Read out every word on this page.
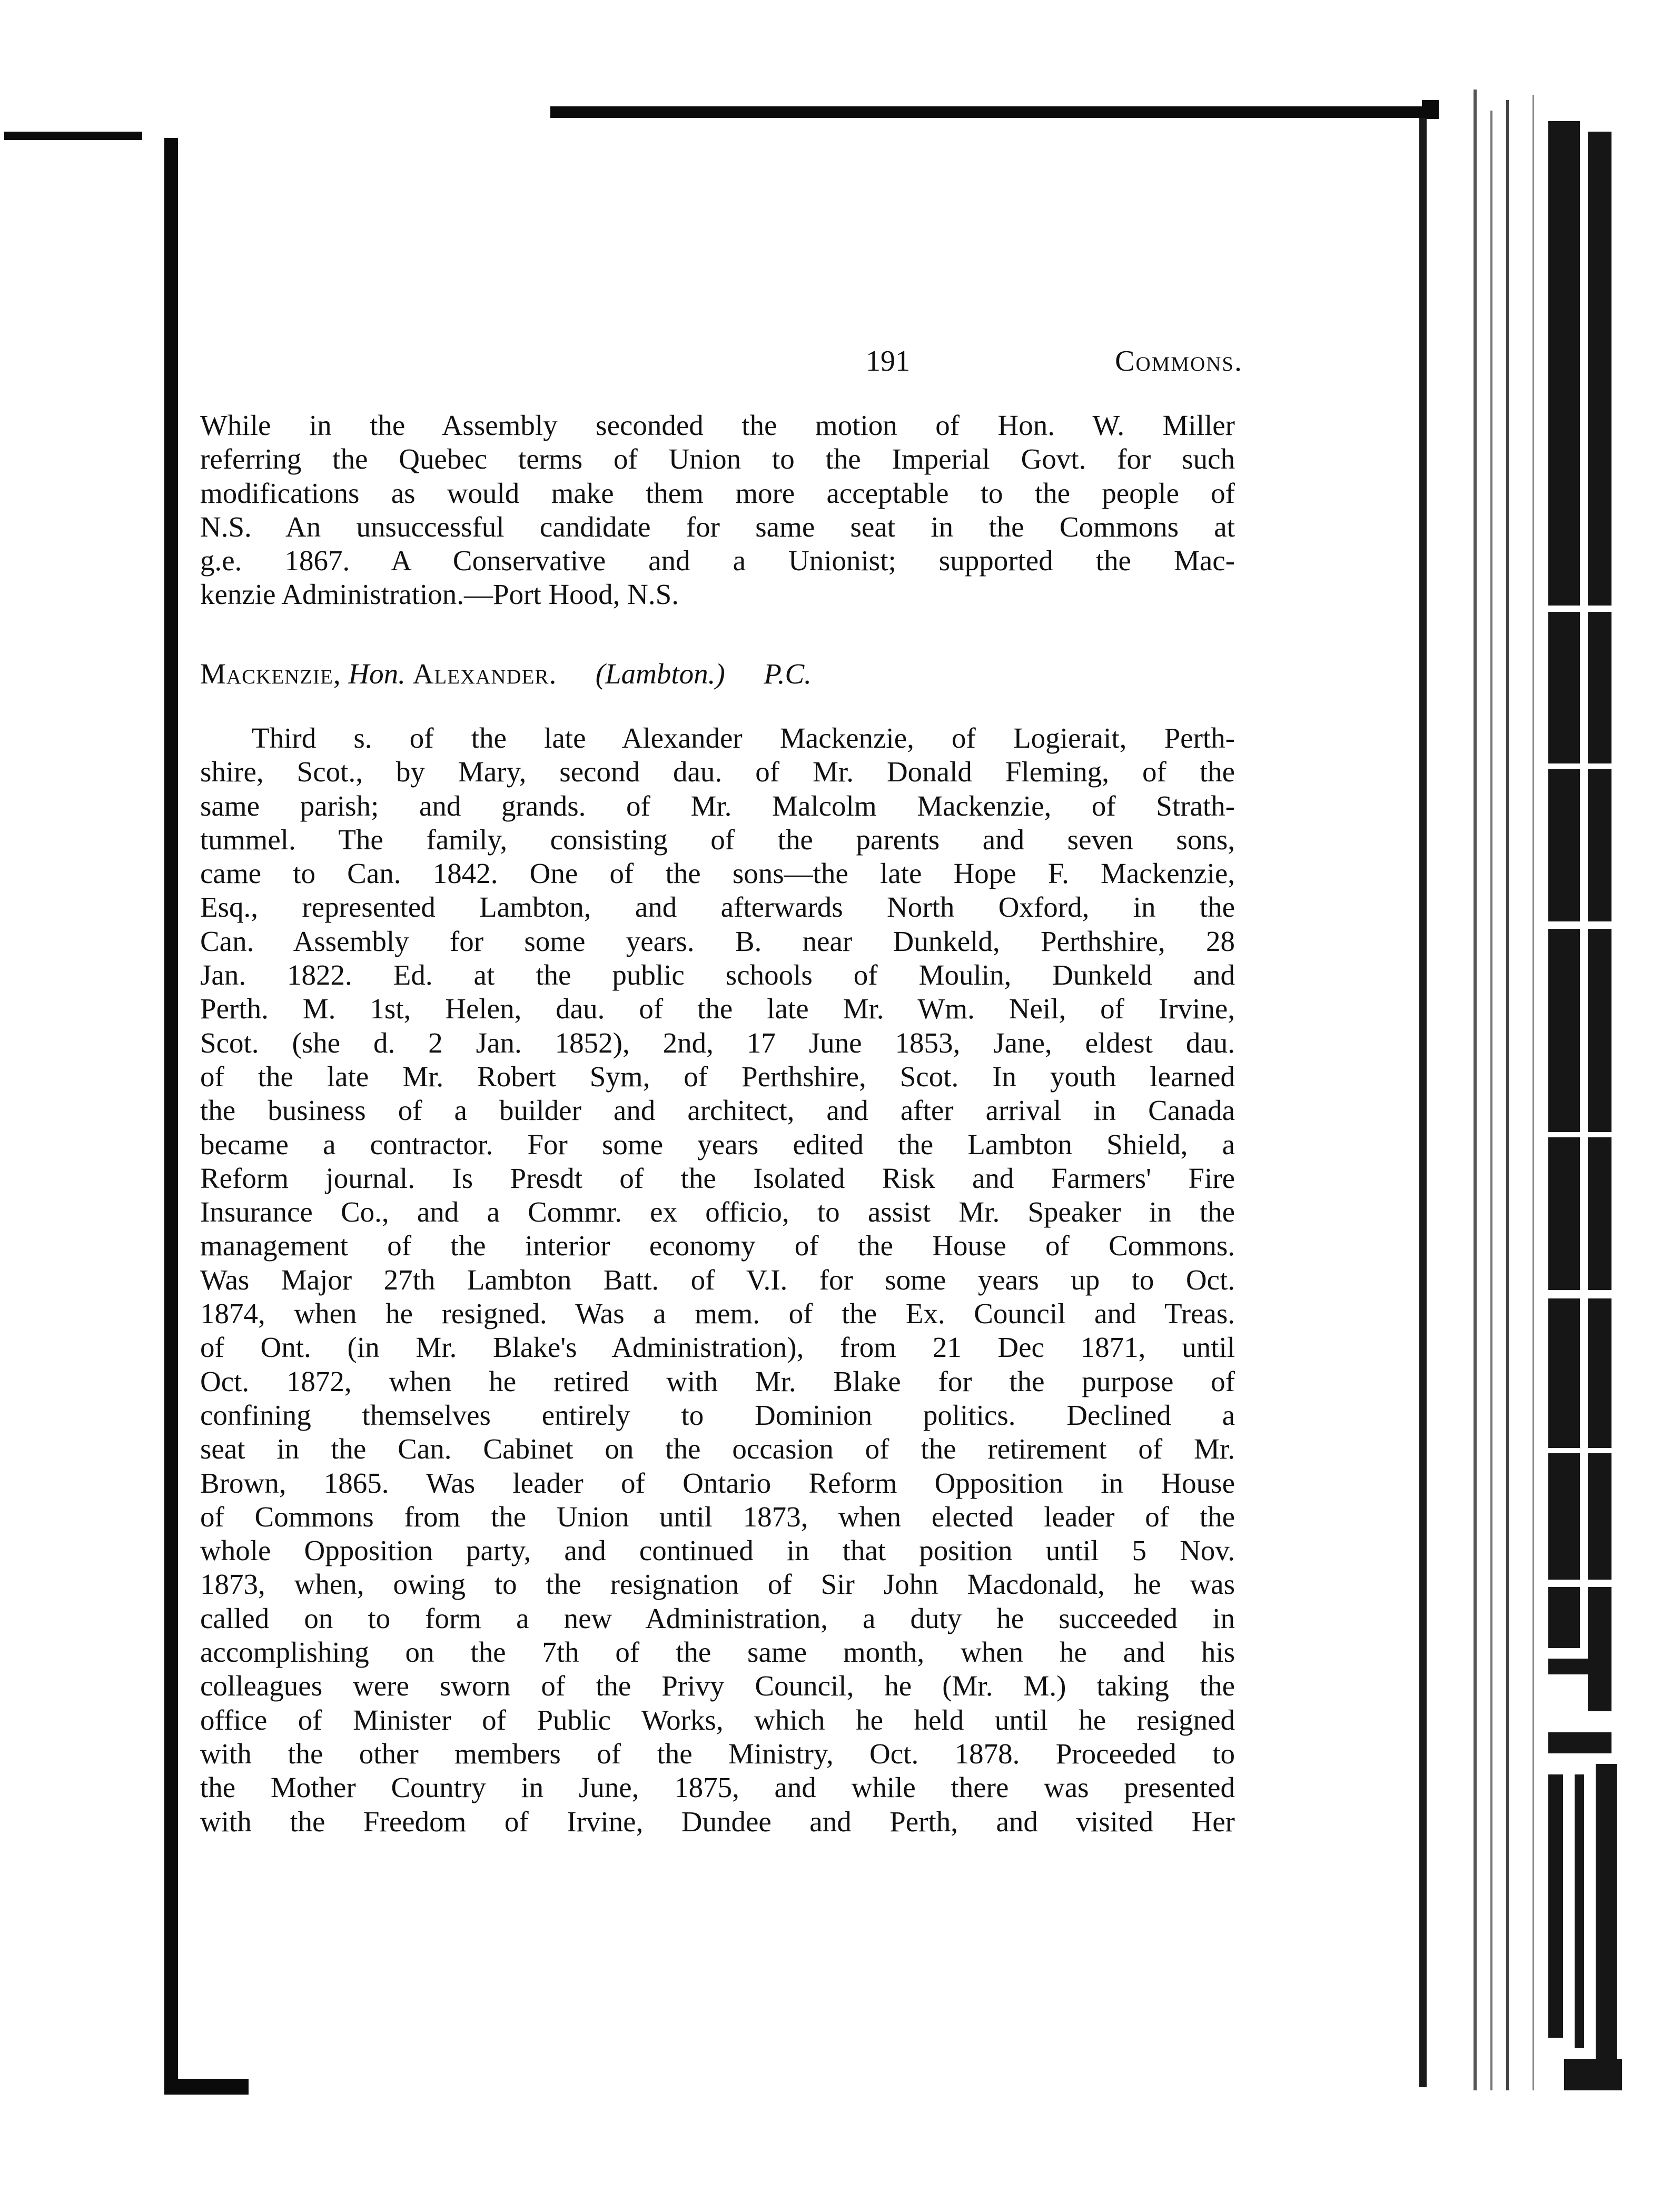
191	Commons.
While in the Assembly seconded the motion of Hon. W. Miller
referring the Quebec terms of Union to the Imperial Govt. for such
modifications as would make them more acceptable to the people of
N.S. An unsuccessful candidate for same seat in the Commons at
g.e. 1867. A Conservative and a Unionist; supported the Mac-
kenzie Administration.—Port Hood, N.S.
Mackenzie, Hon. Alexander. (Lambton.) P.C.
Third s. of the late Alexander Mackenzie, of Logierait, Perth-
shire, Scot., by Mary, second dau. of Mr. Donald Fleming, of the
same parish; and grands. of Mr. Malcolm Mackenzie, of Strath-
tummel. The family, consisting of the parents and seven sons,
came to Can. 1842. One of the sons—the late Hope F. Mackenzie,
Esq., represented Lambton, and afterwards North Oxford, in the
Can. Assembly for some years. B. near Dunkeld, Perthshire, 28
Jan. 1822. Ed. at the public schools of Moulin, Dunkeld and
Perth. M. 1st, Helen, dau. of the late Mr. Wm. Neil, of Irvine,
Scot. (she d. 2 Jan. 1852), 2nd, 17 June 1853, Jane, eldest dau.
of the late Mr. Robert Sym, of Perthshire, Scot. In youth learned
the business of a builder and architect, and after arrival in Canada
became a contractor. For some years edited the Lambton Shield, a
Reform journal. Is Presdt of the Isolated Risk and Farmers' Fire
Insurance Co., and a Commr. ex officio, to assist Mr. Speaker in the
management of the interior economy of the House of Commons.
Was Major 27th Lambton Batt. of V.I. for some years up to Oct.
1874, when he resigned. Was a mem. of the Ex. Council and Treas.
of Ont. (in Mr. Blake's Administration), from 21 Dec 1871, until
Oct. 1872, when he retired with Mr. Blake for the purpose of
confining themselves entirely to Dominion politics. Declined a
seat in the Can. Cabinet on the occasion of the retirement of Mr.
Brown, 1865. Was leader of Ontario Reform Opposition in House
of Commons from the Union until 1873, when elected leader of the
whole Opposition party, and continued in that position until 5 Nov.
1873, when, owing to the resignation of Sir John Macdonald, he was
called on to form a new Administration, a duty he succeeded in
accomplishing on the 7th of the same month, when he and his
colleagues were sworn of the Privy Council, he (Mr. M.) taking the
office of Minister of Public Works, which he held until he resigned
with the other members of the Ministry, Oct. 1878. Proceeded to
the Mother Country in June, 1875, and while there was presented
with the Freedom of Irvine, Dundee and Perth, and visited Her
